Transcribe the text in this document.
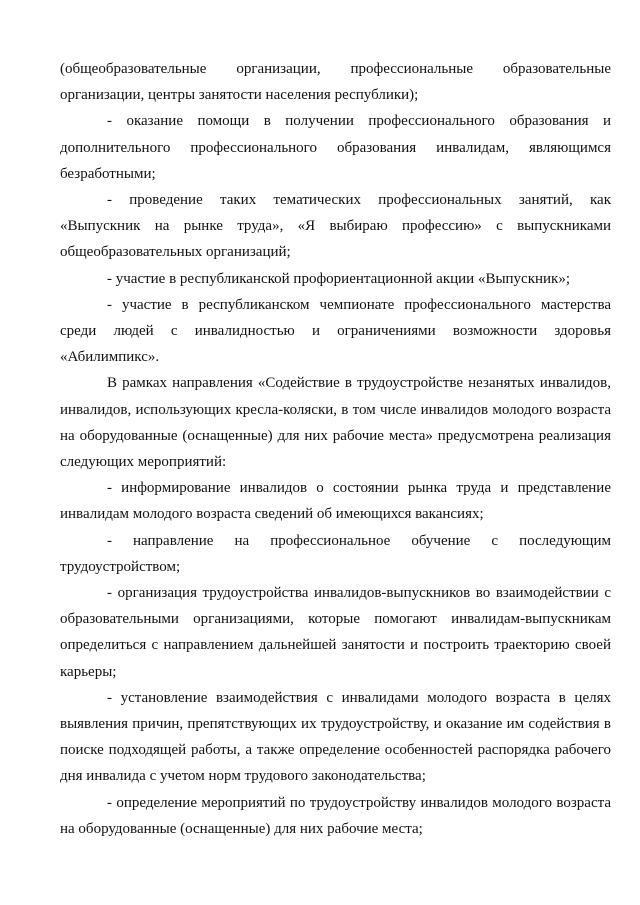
(общеобразовательные организации, профессиональные образовательные организации, центры занятости населения республики);

- оказание помощи в получении профессионального образования и дополнительного профессионального образования инвалидам, являющимся безработными;

- проведение таких тематических профессиональных занятий, как «Выпускник на рынке труда», «Я выбираю профессию» с выпускниками общеобразовательных организаций;

- участие в республиканской профориентационной акции «Выпускник»;

- участие в республиканском чемпионате профессионального мастерства среди людей с инвалидностью и ограничениями возможности здоровья «Абилимпикс».

В рамках направления «Содействие в трудоустройстве незанятых инвалидов, инвалидов, использующих кресла-коляски, в том числе инвалидов молодого возраста на оборудованные (оснащенные) для них рабочие места» предусмотрена реализация следующих мероприятий:

- информирование инвалидов о состоянии рынка труда и представление инвалидам молодого возраста сведений об имеющихся вакансиях;

- направление на профессиональное обучение с последующим трудоустройством;

- организация трудоустройства инвалидов-выпускников во взаимодействии с образовательными организациями, которые помогают инвалидам-выпускникам определиться с направлением дальнейшей занятости и построить траекторию своей карьеры;

- установление взаимодействия с инвалидами молодого возраста в целях выявления причин, препятствующих их трудоустройству, и оказание им содействия в поиске подходящей работы, а также определение особенностей распорядка рабочего дня инвалида с учетом норм трудового законодательства;

- определение мероприятий по трудоустройству инвалидов молодого возраста на оборудованные (оснащенные) для них рабочие места;
